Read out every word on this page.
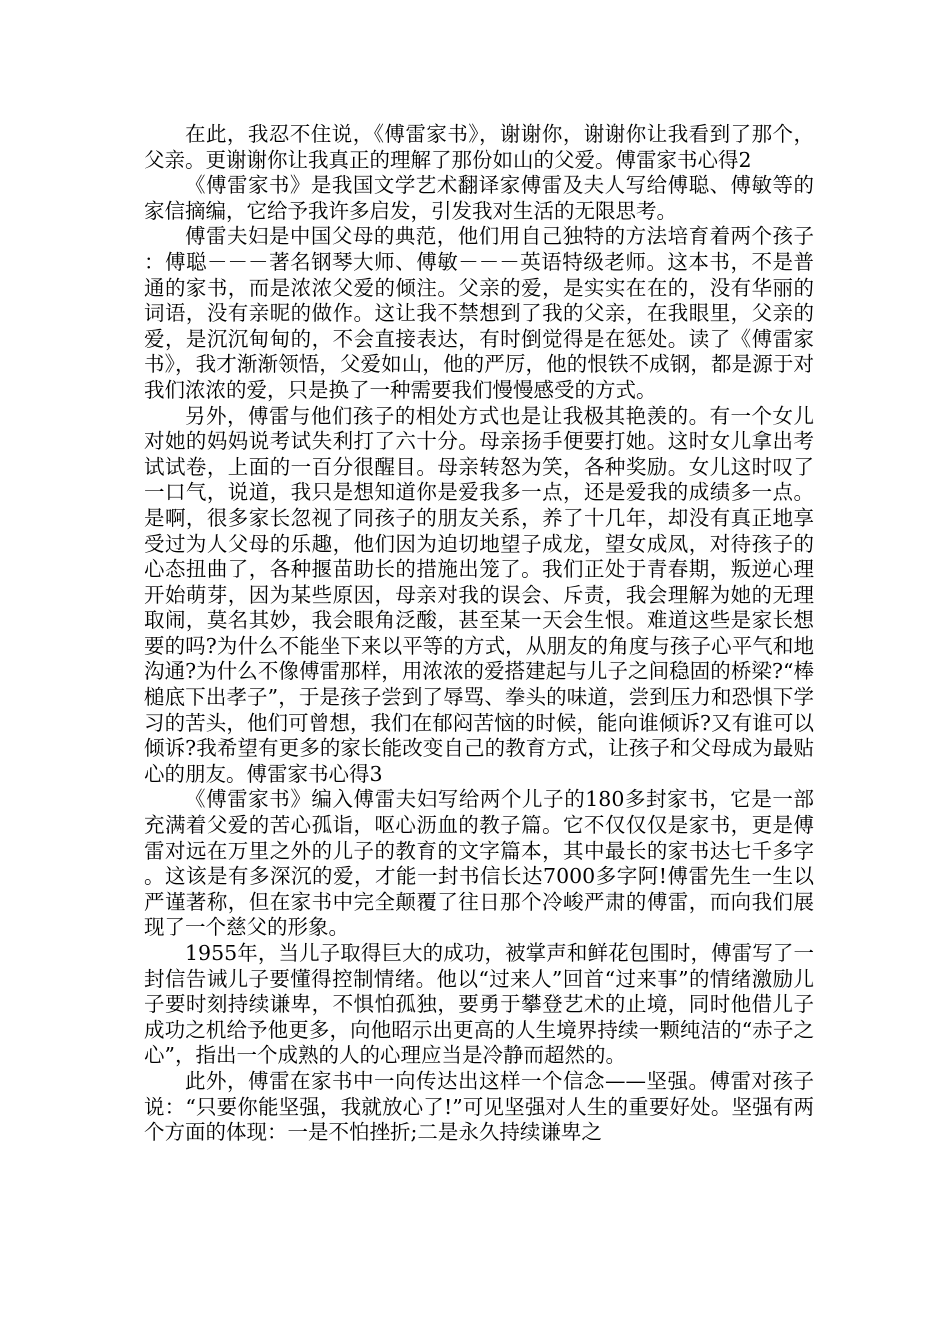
在此，我忍不住说，《傅雷家书》，谢谢你，谢谢你让我看到了那个，父亲。更谢谢你让我真正的理解了那份如山的父爱。傅雷家书心得2

《傅雷家书》是我国文学艺术翻译家傅雷及夫人写给傅聪、傅敏等的家信摘编，它给予我许多启发，引发我对生活的无限思考。

傅雷夫妇是中国父母的典范，他们用自己独特的方法培育着两个孩子：傅聪－－－著名钢琴大师、傅敏－－－英语特级老师。这本书，不是普通的家书，而是浓浓父爱的倾注。父亲的爱，是实实在在的，没有华丽的词语，没有亲昵的做作。这让我不禁想到了我的父亲，在我眼里，父亲的爱，是沉沉甸甸的，不会直接表达，有时倒觉得是在惩处。读了《傅雷家书》，我才渐渐领悟，父爱如山，他的严厉，他的恨铁不成钢，都是源于对我们浓浓的爱，只是换了一种需要我们慢慢感受的方式。

另外，傅雷与他们孩子的相处方式也是让我极其艳羡的。有一个女儿对她的妈妈说考试失利打了六十分。母亲扬手便要打她。这时女儿拿出考试试卷，上面的一百分很醒目。母亲转怒为笑，各种奖励。女儿这时叹了一口气，说道，我只是想知道你是爱我多一点，还是爱我的成绩多一点。是啊，很多家长忽视了同孩子的朋友关系，养了十几年，却没有真正地享受过为人父母的乐趣，他们因为迫切地望子成龙，望女成凤，对待孩子的心态扭曲了，各种揠苗助长的措施出笼了。我们正处于青春期，叛逆心理开始萌芽，因为某些原因，母亲对我的误会、斥责，我会理解为她的无理取闹，莫名其妙，我会眼角泛酸，甚至某一天会生恨。难道这些是家长想要的吗?为什么不能坐下来以平等的方式，从朋友的角度与孩子心平气和地沟通?为什么不像傅雷那样，用浓浓的爱搭建起与儿子之间稳固的桥梁?“棒槌底下出孝子”，于是孩子尝到了辱骂、拳头的味道，尝到压力和恐惧下学习的苦头，他们可曾想，我们在郁闷苦恼的时候，能向谁倾诉?又有谁可以倾诉?我希望有更多的家长能改变自己的教育方式，让孩子和父母成为最贴心的朋友。傅雷家书心得3

《傅雷家书》编入傅雷夫妇写给两个儿子的180多封家书，它是一部充满着父爱的苦心孤诣，呕心沥血的教子篇。它不仅仅仅是家书，更是傅雷对远在万里之外的儿子的教育的文字篇本，其中最长的家书达七千多字。这该是有多深沉的爱，才能一封书信长达7000多字阿!傅雷先生一生以严谨著称，但在家书中完全颠覆了往日那个冷峻严肃的傅雷，而向我们展现了一个慈父的形象。

1955年，当儿子取得巨大的成功，被掌声和鲜花包围时，傅雷写了一封信告诫儿子要懂得控制情绪。他以“过来人”回首“过来事”的情绪激励儿子要时刻持续谦卑，不惧怕孤独，要勇于攀登艺术的止境，同时他借儿子成功之机给予他更多，向他昭示出更高的人生境界持续一颗纯洁的“赤子之心”，指出一个成熟的人的心理应当是冷静而超然的。

此外，傅雷在家书中一向传达出这样一个信念——坚强。傅雷对孩子说：“只要你能坚强，我就放心了!”可见坚强对人生的重要好处。坚强有两个方面的体现：一是不怕挫折;二是永久持续谦卑之
